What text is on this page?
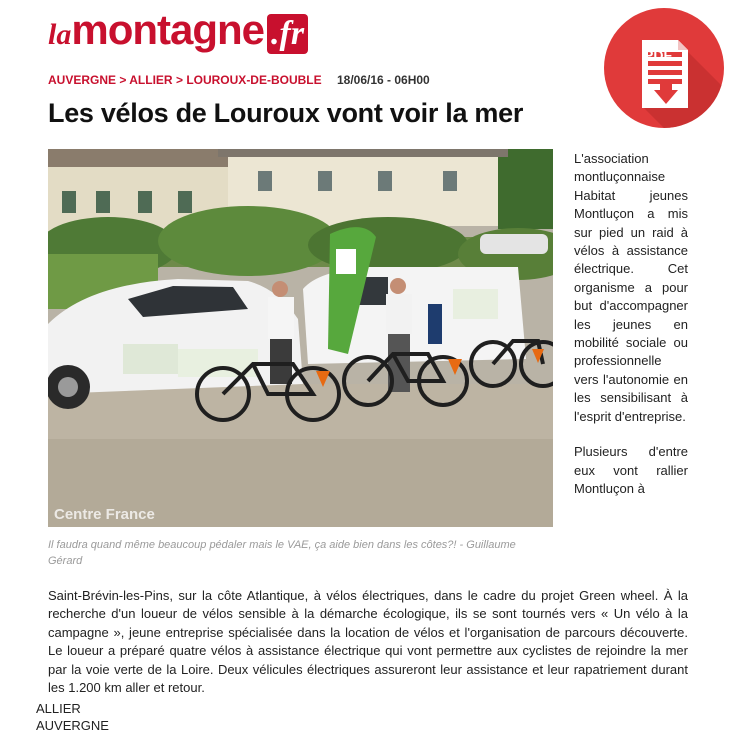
la montagne .fr
AUVERGNE > ALLIER > LOUROUX-DE-BOUBLE 18/06/16 - 06H00
Les vélos de Louroux vont voir la mer
PDF
Centre France
Il faudra quand même beaucoup pédaler mais le VAE, ça aide bien dans les côtes?! - Guillaume Gérard

L'association montluçonnaise Habitat jeunes Montluçon a mis sur pied un raid à vélos à assistance électrique. Cet organisme a pour but d'accompagner les jeunes en mobilité sociale ou professionnelle vers l'autonomie en les sensibilisant à l'esprit d'entreprise.

Plusieurs d'entre eux vont rallier Montluçon à

Saint-Brévin-les-Pins, sur la côte Atlantique, à vélos électriques, dans le cadre du projet Green wheel. À la recherche d'un loueur de vélos sensible à la démarche écologique, ils se sont tournés vers « Un vélo à la campagne », jeune entreprise spécialisée dans la location de vélos et l'organisation de parcours découverte. Le loueur a préparé quatre vélos à assistance électrique qui vont permettre aux cyclistes de rejoindre la mer par la voie verte de la Loire. Deux vélicules électriques assureront leur assistance et leur rapatriement durant les 1.200 km aller et retour.
ALLIER
AUVERGNE
